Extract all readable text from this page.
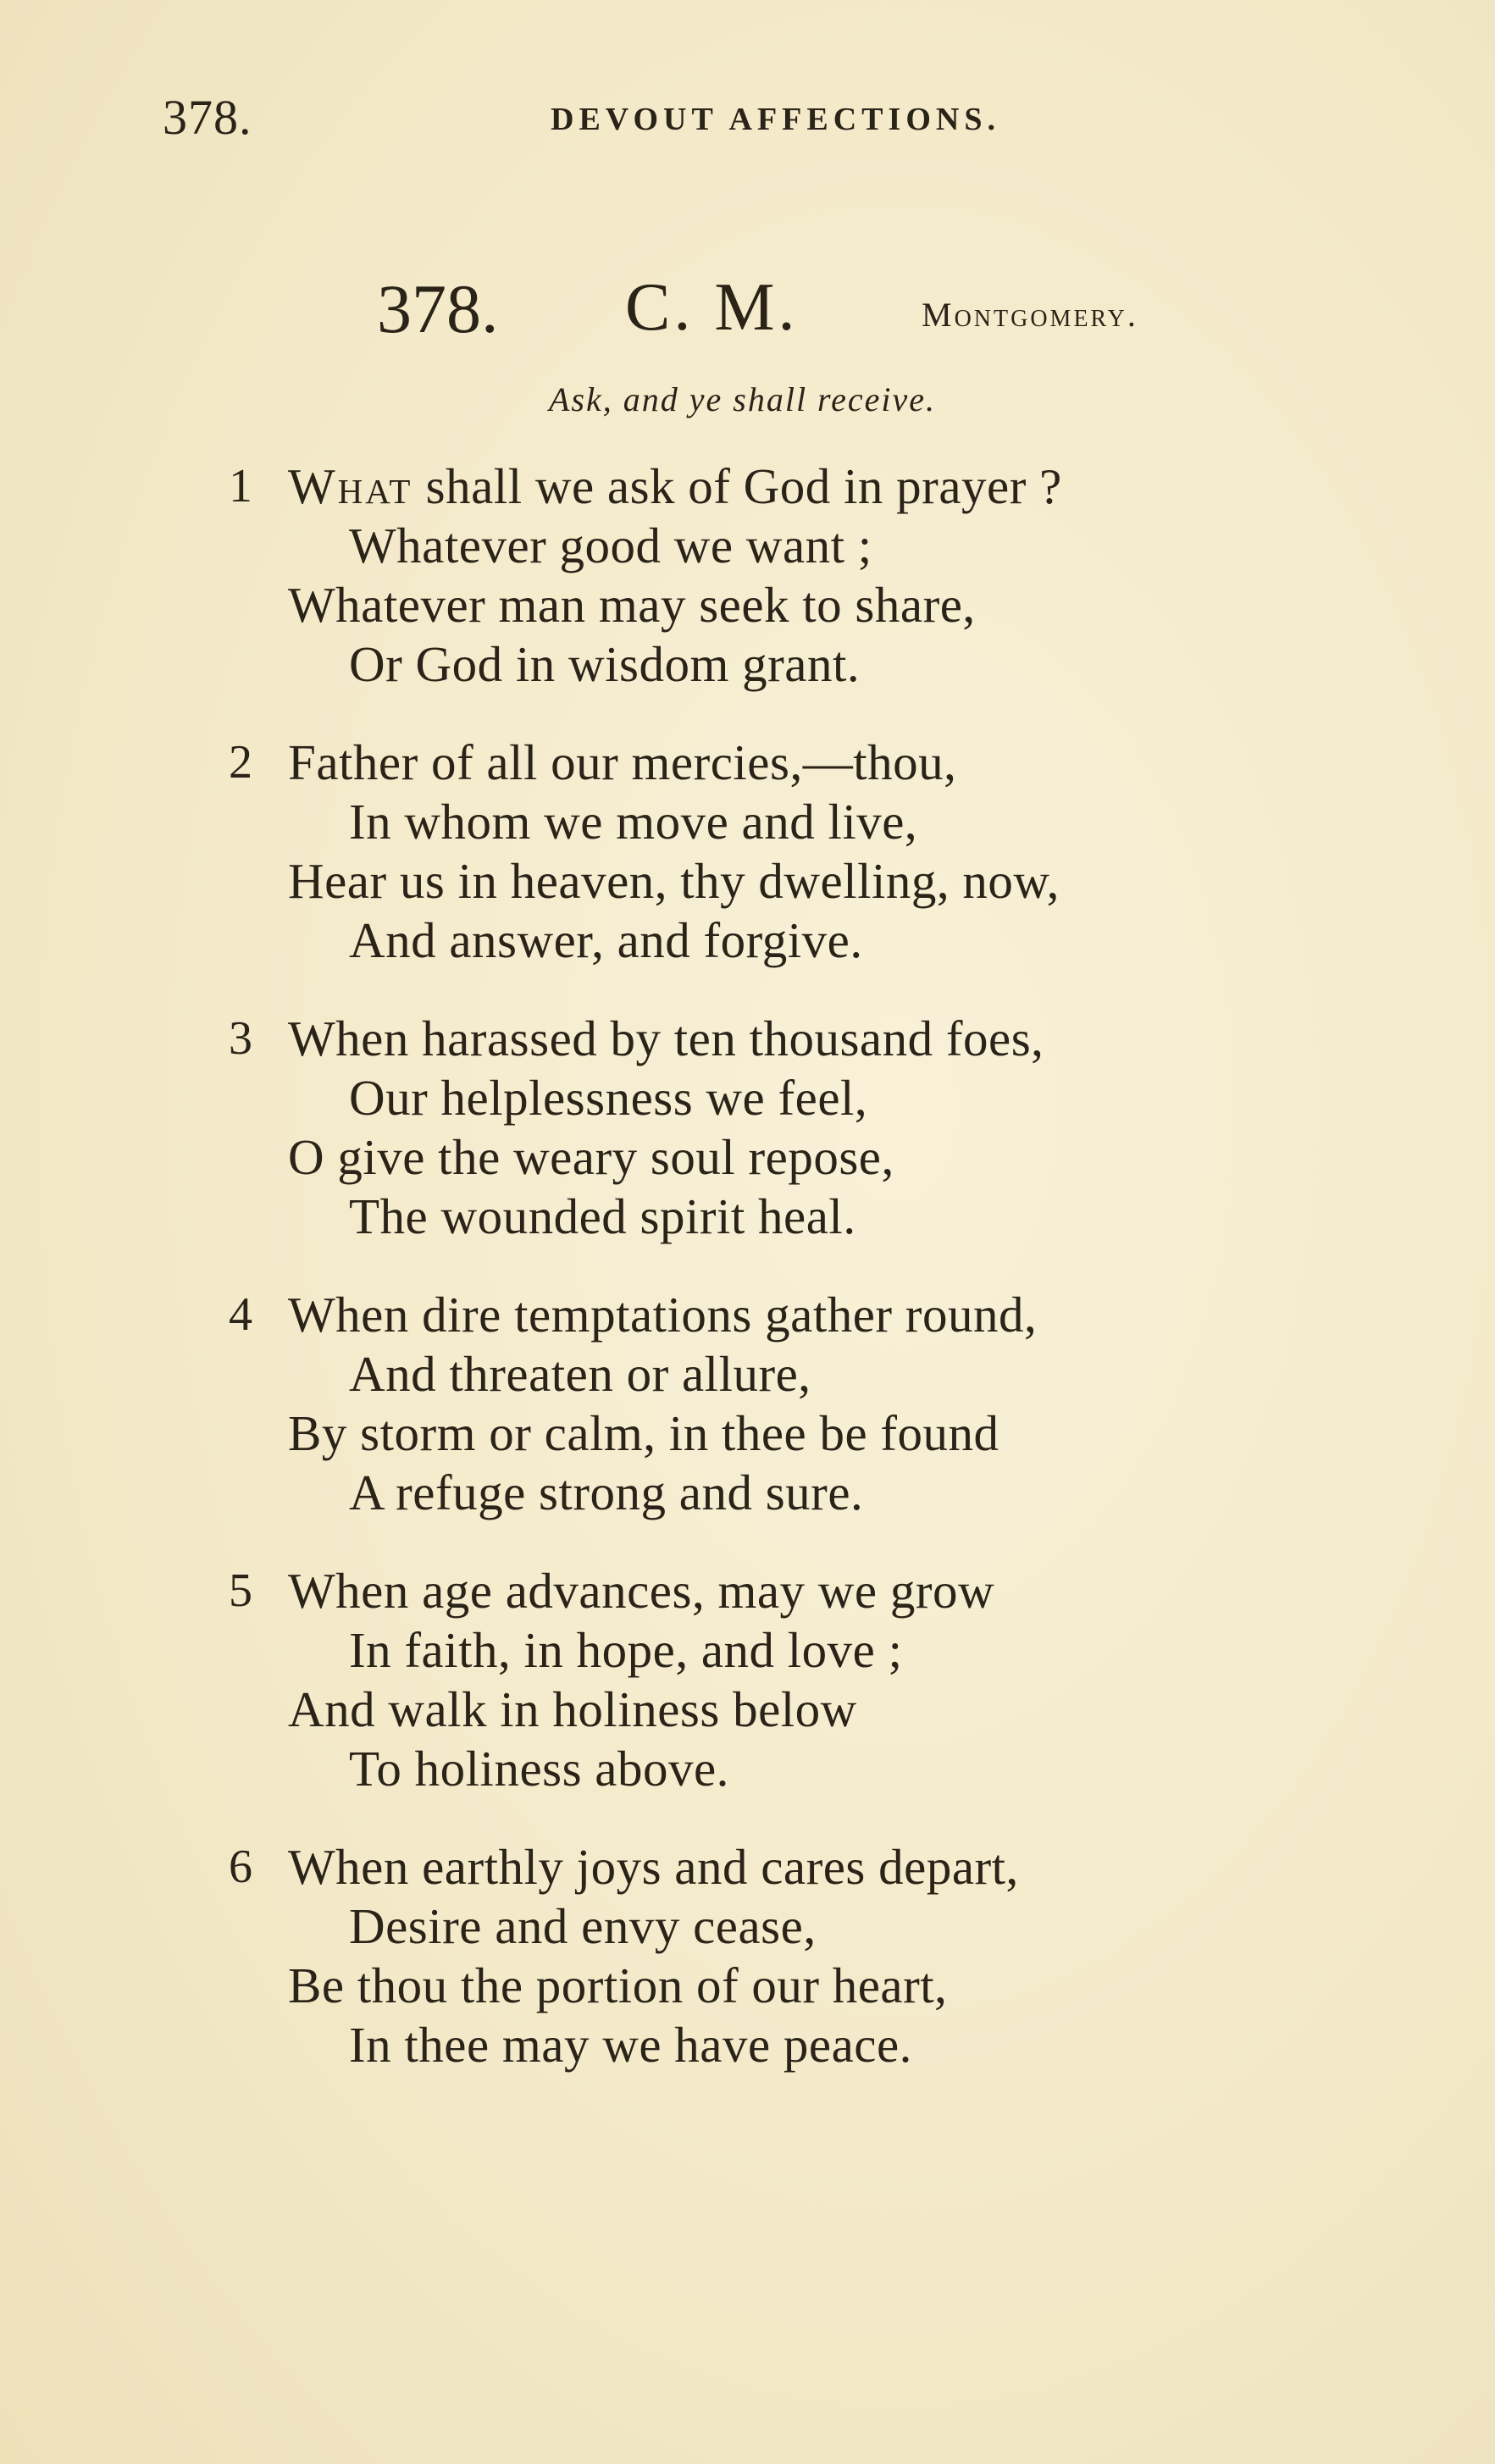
378.	DEVOUT AFFECTIONS.
378. C. M.	Montgomery.
Ask, and ye shall receive.
1 What shall we ask of God in prayer ?
Whatever good we want ;
Whatever man may seek to share,
Or God in wisdom grant.
2 Father of all our mercies,—thou,
In whom we move and live,
Hear us in heaven, thy dwelling, now,
And answer, and forgive.
3 When harassed by ten thousand foes,
Our helplessness we feel,
O give the weary soul repose,
The wounded spirit heal.
4 When dire temptations gather round,
And threaten or allure,
By storm or calm, in thee be found
A refuge strong and sure.
5 When age advances, may we grow
In faith, in hope, and love ;
And walk in holiness below
To holiness above.
6 When earthly joys and cares depart,
Desire and envy cease,
Be thou the portion of our heart,
In thee may we have peace.
